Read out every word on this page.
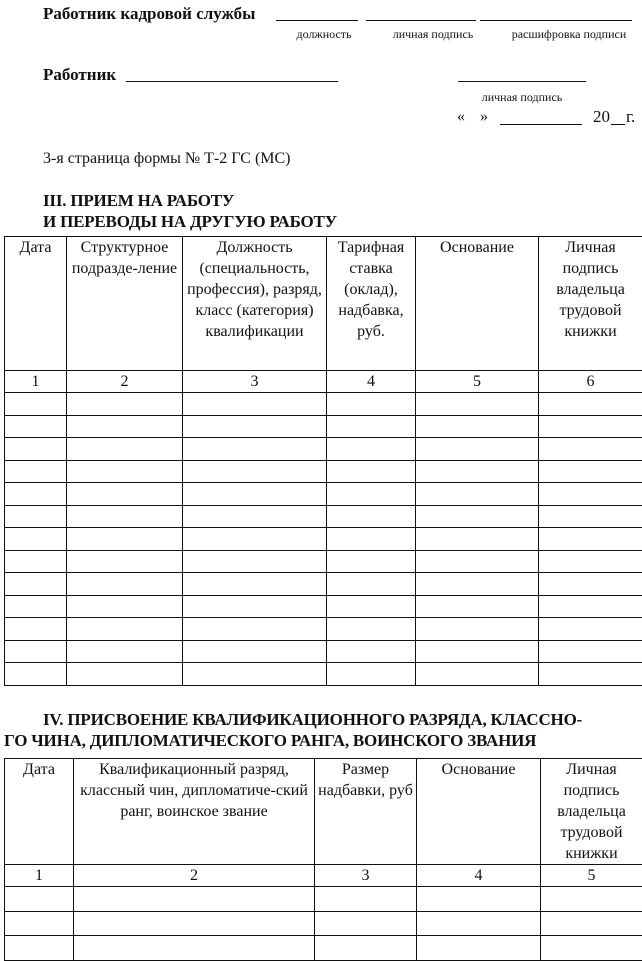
Работник кадровой службы
должность	личная подпись	расшифровка подписи
Работник
личная подпись
« »	20 г.
3-я страница формы № Т-2 ГС (МС)
III. ПРИЕМ НА РАБОТУ
И ПЕРЕВОДЫ НА ДРУГУЮ РАБОТУ
Дата	Структурное подразде-ление	Должность (специальность, профессия), разряд, класс (категория) квалификации	Тарифная ставка (оклад), надбавка, руб.	Основание	Личная подпись владельца трудовой книжки
1	2	3	4	5	6

IV. ПРИСВОЕНИЕ КВАЛИФИКАЦИОННОГО РАЗРЯДА, КЛАССНО-
ГО ЧИНА, ДИПЛОМАТИЧЕСКОГО РАНГА, ВОИНСКОГО ЗВАНИЯ
Дата	Квалификационный разряд, классный чин, дипломатиче-ский ранг, воинское звание	Размер надбавки, руб	Основание	Личная подпись владельца трудовой книжки
1	2	3	4	5
